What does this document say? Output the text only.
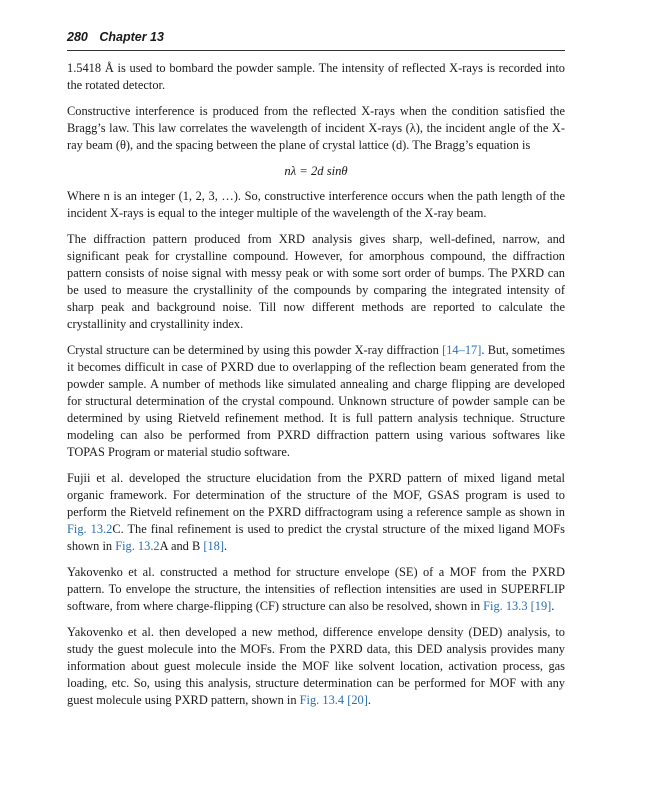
280 Chapter 13

1.5418 Å is used to bombard the powder sample. The intensity of reflected X-rays is recorded into the rotated detector.

Constructive interference is produced from the reflected X-rays when the condition satisfied the Bragg’s law. This law correlates the wavelength of incident X-rays (λ), the incident angle of the X-ray beam (θ), and the spacing between the plane of crystal lattice (d). The Bragg’s equation is

nλ = 2d sinθ

Where n is an integer (1, 2, 3, …). So, constructive interference occurs when the path length of the incident X-rays is equal to the integer multiple of the wavelength of the X-ray beam.

The diffraction pattern produced from XRD analysis gives sharp, well-defined, narrow, and significant peak for crystalline compound. However, for amorphous compound, the diffraction pattern consists of noise signal with messy peak or with some sort order of bumps. The PXRD can be used to measure the crystallinity of the compounds by comparing the integrated intensity of sharp peak and background noise. Till now different methods are reported to calculate the crystallinity and crystallinity index.

Crystal structure can be determined by using this powder X-ray diffraction [14–17]. But, sometimes it becomes difficult in case of PXRD due to overlapping of the reflection beam generated from the powder sample. A number of methods like simulated annealing and charge flipping are developed for structural determination of the crystal compound. Unknown structure of powder sample can be determined by using Rietveld refinement method. It is full pattern analysis technique. Structure modeling can also be performed from PXRD diffraction pattern using various softwares like TOPAS Program or material studio software.

Fujii et al. developed the structure elucidation from the PXRD pattern of mixed ligand metal organic framework. For determination of the structure of the MOF, GSAS program is used to perform the Rietveld refinement on the PXRD diffractogram using a reference sample as shown in Fig. 13.2C. The final refinement is used to predict the crystal structure of the mixed ligand MOFs shown in Fig. 13.2A and B [18].

Yakovenko et al. constructed a method for structure envelope (SE) of a MOF from the PXRD pattern. To envelope the structure, the intensities of reflection intensities are used in SUPERFLIP software, from where charge-flipping (CF) structure can also be resolved, shown in Fig. 13.3 [19].

Yakovenko et al. then developed a new method, difference envelope density (DED) analysis, to study the guest molecule into the MOFs. From the PXRD data, this DED analysis provides many information about guest molecule inside the MOF like solvent location, activation process, gas loading, etc. So, using this analysis, structure determination can be performed for MOF with any guest molecule using PXRD pattern, shown in Fig. 13.4 [20].
